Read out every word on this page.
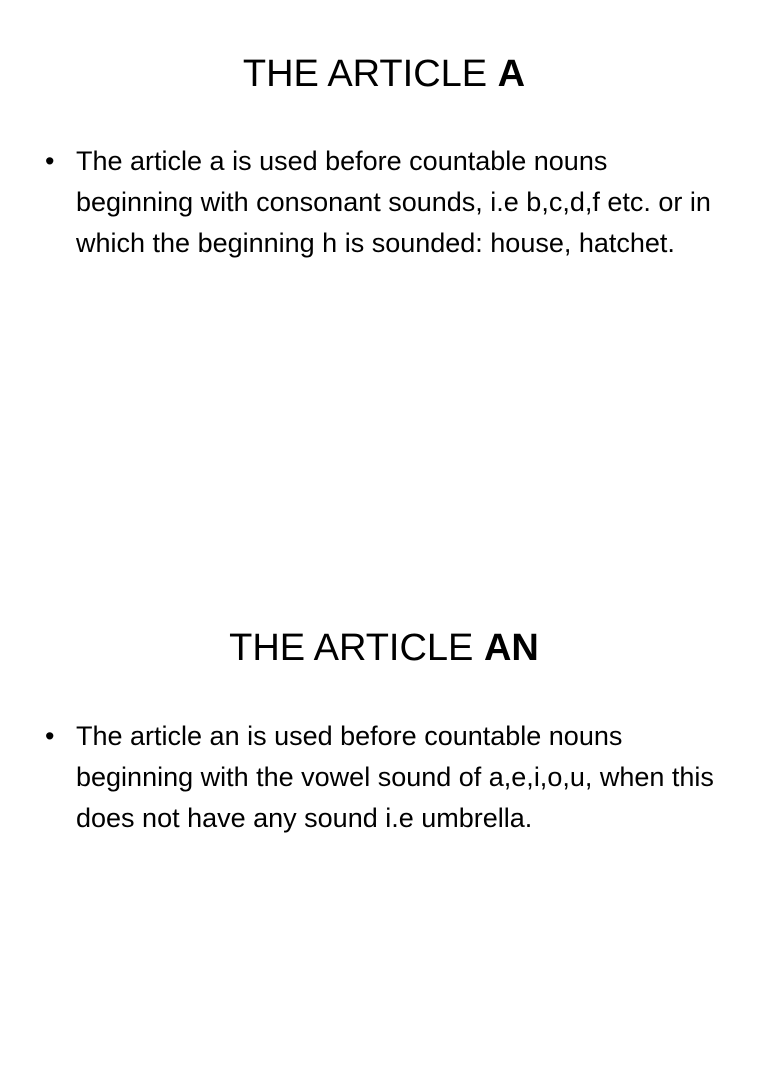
THE ARTICLE A
• The article a is used before countable nouns beginning with consonant sounds, i.e b,c,d,f etc. or in which the beginning h is sounded: house, hatchet.
THE ARTICLE AN
• The article an is used before countable nouns beginning with the vowel sound of a,e,i,o,u, when this does not have any sound i.e umbrella.
